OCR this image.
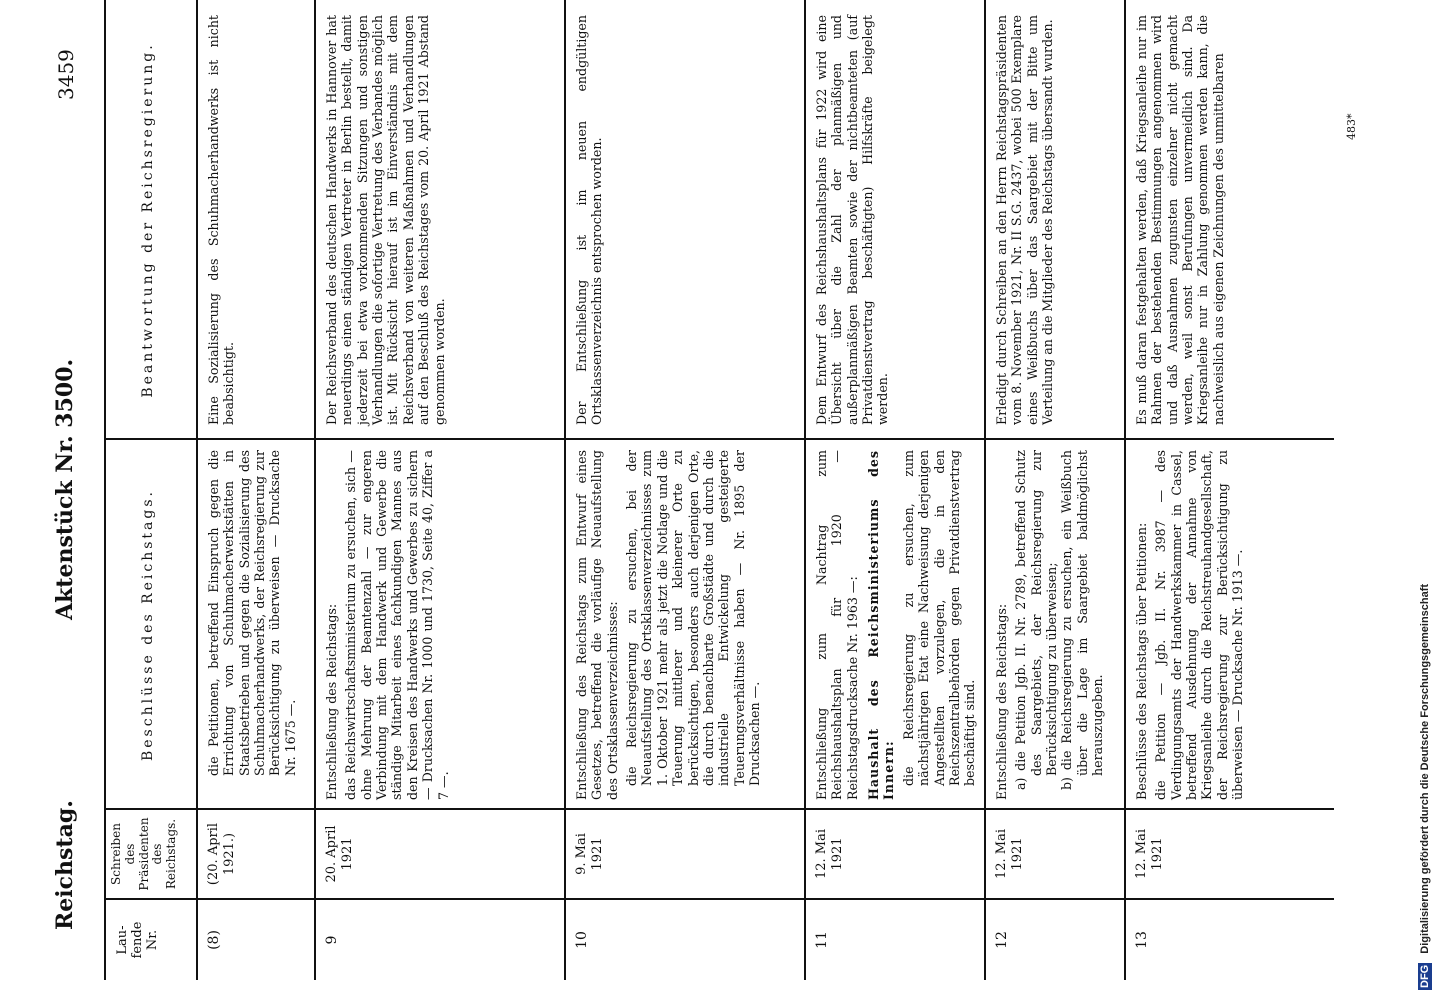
Reichstag.
Aktenstück Nr. 3500.
3459
Lau-
fende
Nr.
Schreiben
des
Präsidenten
des
Reichstags.
Beschlüsse des Reichstags.
Beantwortung der Reichsregierung.
(8)
(20. April
1921.)

die Petitionen, betreffend Einspruch gegen die Errichtung von Schuhmacherwerkstätten in Staatsbetrieben und gegen die Sozialisierung des Schuhmacherhandwerks, der Reichsregierung zur Berücksichtigung zu überweisen — Drucksache Nr. 1675 —.

Eine Sozialisierung des Schuhmacherhandwerks ist nicht beabsichtigt.

9
20. April
1921

Entschließung des Reichstags: das Reichswirtschaftsministerium zu ersuchen, sich — ohne Mehrung der Beamtenzahl — zur engeren Verbindung mit dem Handwerk und Gewerbe die ständige Mitarbeit eines fachkundigen Mannes aus den Kreisen des Handwerks und Gewerbes zu sichern — Drucksachen Nr. 1000 und 1730, Seite 40, Ziffer a 7 —.

Der Reichsverband des deutschen Handwerks in Hannover hat neuerdings einen ständigen Vertreter in Berlin bestellt, damit jederzeit bei etwa vorkommenden Sitzungen und sonstigen Verhandlungen die sofortige Vertretung des Verbandes möglich ist. Mit Rücksicht hierauf ist im Einverständnis mit dem Reichsverband von weiteren Maßnahmen und Verhandlungen auf den Beschluß des Reichstages vom 20. April 1921 Abstand genommen worden.

10
9. Mai
1921

Entschließung des Reichstags zum Entwurf eines Gesetzes, betreffend die vorläufige Neuaufstellung des Ortsklassenverzeichnisses: die Reichsregierung zu ersuchen, bei der Neuaufstellung des Ortsklassenverzeichnisses zum 1. Oktober 1921 mehr als jetzt die Notlage und die Teuerung mittlerer und kleinerer Orte zu berücksichtigen, besonders auch derjenigen Orte, die durch benachbarte Großstädte und durch die industrielle Entwickelung gesteigerte Teuerungsverhältnisse haben — Nr. 1895 der Drucksachen —.

Der Entschließung ist im neuen endgültigen Ortsklassenverzeichnis entsprochen worden.

11
12. Mai
1921

Entschließung zum Nachtrag zum Reichshaushaltsplan für 1920 — Reichstagsdrucksache Nr. 1963 —: Haushalt des Reichsministeriums des Innern: die Reichsregierung zu ersuchen, zum nächstjährigen Etat eine Nachweisung derjenigen Angestellten vorzulegen, die in den Reichszentralbehörden gegen Privatdienstvertrag beschäftigt sind.

Dem Entwurf des Reichshaushaltsplans für 1922 wird eine Übersicht über die Zahl der planmäßigen und außerplanmäßigen Beamten sowie der nichtbeamteten (auf Privatdienstvertrag beschäftigten) Hilfskräfte beigelegt werden.

12
12. Mai
1921

Entschließung des Reichstags: a) die Petition Jgb. II. Nr. 2789, betreffend Schutz des Saargebiets, der Reichsregierung zur Berücksichtigung zu überweisen; b) die Reichsregierung zu ersuchen, ein Weißbuch über die Lage im Saargebiet baldmöglichst herauszugeben.

Erledigt durch Schreiben an den Herrn Reichstagspräsidenten vom 8. November 1921, Nr. II S.G. 2437, wobei 500 Exemplare eines Weißbuchs über das Saargebiet mit der Bitte um Verteilung an die Mitglieder des Reichstags übersandt wurden.

13
12. Mai
1921

Beschlüsse des Reichstags über Petitionen: die Petition — Jgb. II. Nr. 3987 — des Verdingungsamts der Handwerkskammer in Cassel, betreffend Ausdehnung der Annahme von Kriegsanleihe durch die Reichstreuhandgesellschaft, der Reichsregierung zur Berücksichtigung zu überweisen — Drucksache Nr. 1913 —.

Es muß daran festgehalten werden, daß Kriegsanleihe nur im Rahmen der bestehenden Bestimmungen angenommen wird und daß Ausnahmen zugunsten einzelner nicht gemacht werden, weil sonst Berufungen unvermeidlich sind. Da Kriegsanleihe nur in Zahlung genommen werden kann, die nachweislich aus eigenen Zeichnungen des unmittelbaren	483*
DFG Digitalisierung gefördert durch die Deutsche Forschungsgemeinschaft
